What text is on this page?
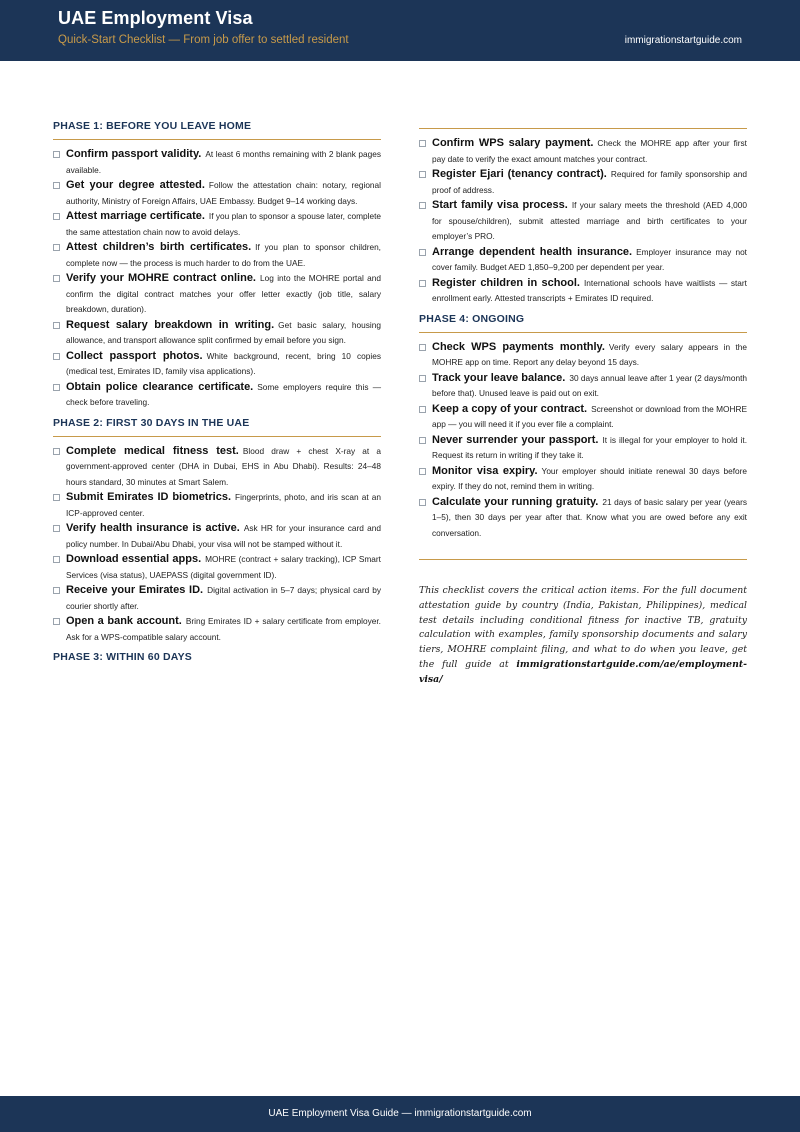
UAE Employment Visa
Quick-Start Checklist — From job offer to settled resident	immigrationstartguide.com
PHASE 1: BEFORE YOU LEAVE HOME
Confirm passport validity. At least 6 months remaining with 2 blank pages available.
Get your degree attested. Follow the attestation chain: notary, regional authority, Ministry of Foreign Affairs, UAE Embassy. Budget 9–14 working days.
Attest marriage certificate. If you plan to sponsor a spouse later, complete the same attestation chain now to avoid delays.
Attest children’s birth certificates. If you plan to sponsor children, complete now — the process is much harder to do from the UAE.
Verify your MOHRE contract online. Log into the MOHRE portal and confirm the digital contract matches your offer letter exactly (job title, salary breakdown, duration).
Request salary breakdown in writing. Get basic salary, housing allowance, and transport allowance split confirmed by email before you sign.
Collect passport photos. White background, recent, bring 10 copies (medical test, Emirates ID, family visa applications).
Obtain police clearance certificate. Some employers require this — check before traveling.
PHASE 2: FIRST 30 DAYS IN THE UAE
Complete medical fitness test. Blood draw + chest X-ray at a government-approved center (DHA in Dubai, EHS in Abu Dhabi). Results: 24–48 hours standard, 30 minutes at Smart Salem.
Submit Emirates ID biometrics. Fingerprints, photo, and iris scan at an ICP-approved center.
Verify health insurance is active. Ask HR for your insurance card and policy number. In Dubai/Abu Dhabi, your visa will not be stamped without it.
Download essential apps. MOHRE (contract + salary tracking), ICP Smart Services (visa status), UAEPASS (digital government ID).
Receive your Emirates ID. Digital activation in 5–7 days; physical card by courier shortly after.
Open a bank account. Bring Emirates ID + salary certificate from employer. Ask for a WPS-compatible salary account.
PHASE 3: WITHIN 60 DAYS
Confirm WPS salary payment. Check the MOHRE app after your first pay date to verify the exact amount matches your contract.
Register Ejari (tenancy contract). Required for family sponsorship and proof of address.
Start family visa process. If your salary meets the threshold (AED 4,000 for spouse/children), submit attested marriage and birth certificates to your employer’s PRO.
Arrange dependent health insurance. Employer insurance may not cover family. Budget AED 1,850–9,200 per dependent per year.
Register children in school. International schools have waitlists — start enrollment early. Attested transcripts + Emirates ID required.
PHASE 4: ONGOING
Check WPS payments monthly. Verify every salary appears in the MOHRE app on time. Report any delay beyond 15 days.
Track your leave balance. 30 days annual leave after 1 year (2 days/month before that). Unused leave is paid out on exit.
Keep a copy of your contract. Screenshot or download from the MOHRE app — you will need it if you ever file a complaint.
Never surrender your passport. It is illegal for your employer to hold it. Request its return in writing if they take it.
Monitor visa expiry. Your employer should initiate renewal 30 days before expiry. If they do not, remind them in writing.
Calculate your running gratuity. 21 days of basic salary per year (years 1–5), then 30 days per year after that. Know what you are owed before any exit conversation.
This checklist covers the critical action items. For the full document attestation guide by country (India, Pakistan, Philippines), medical test details including conditional fitness for inactive TB, gratuity calculation with examples, family sponsorship documents and salary tiers, MOHRE complaint filing, and what to do when you leave, get the full guide at immigrationstartguide.com/ae/employment-visa/
UAE Employment Visa Guide — immigrationstartguide.com
